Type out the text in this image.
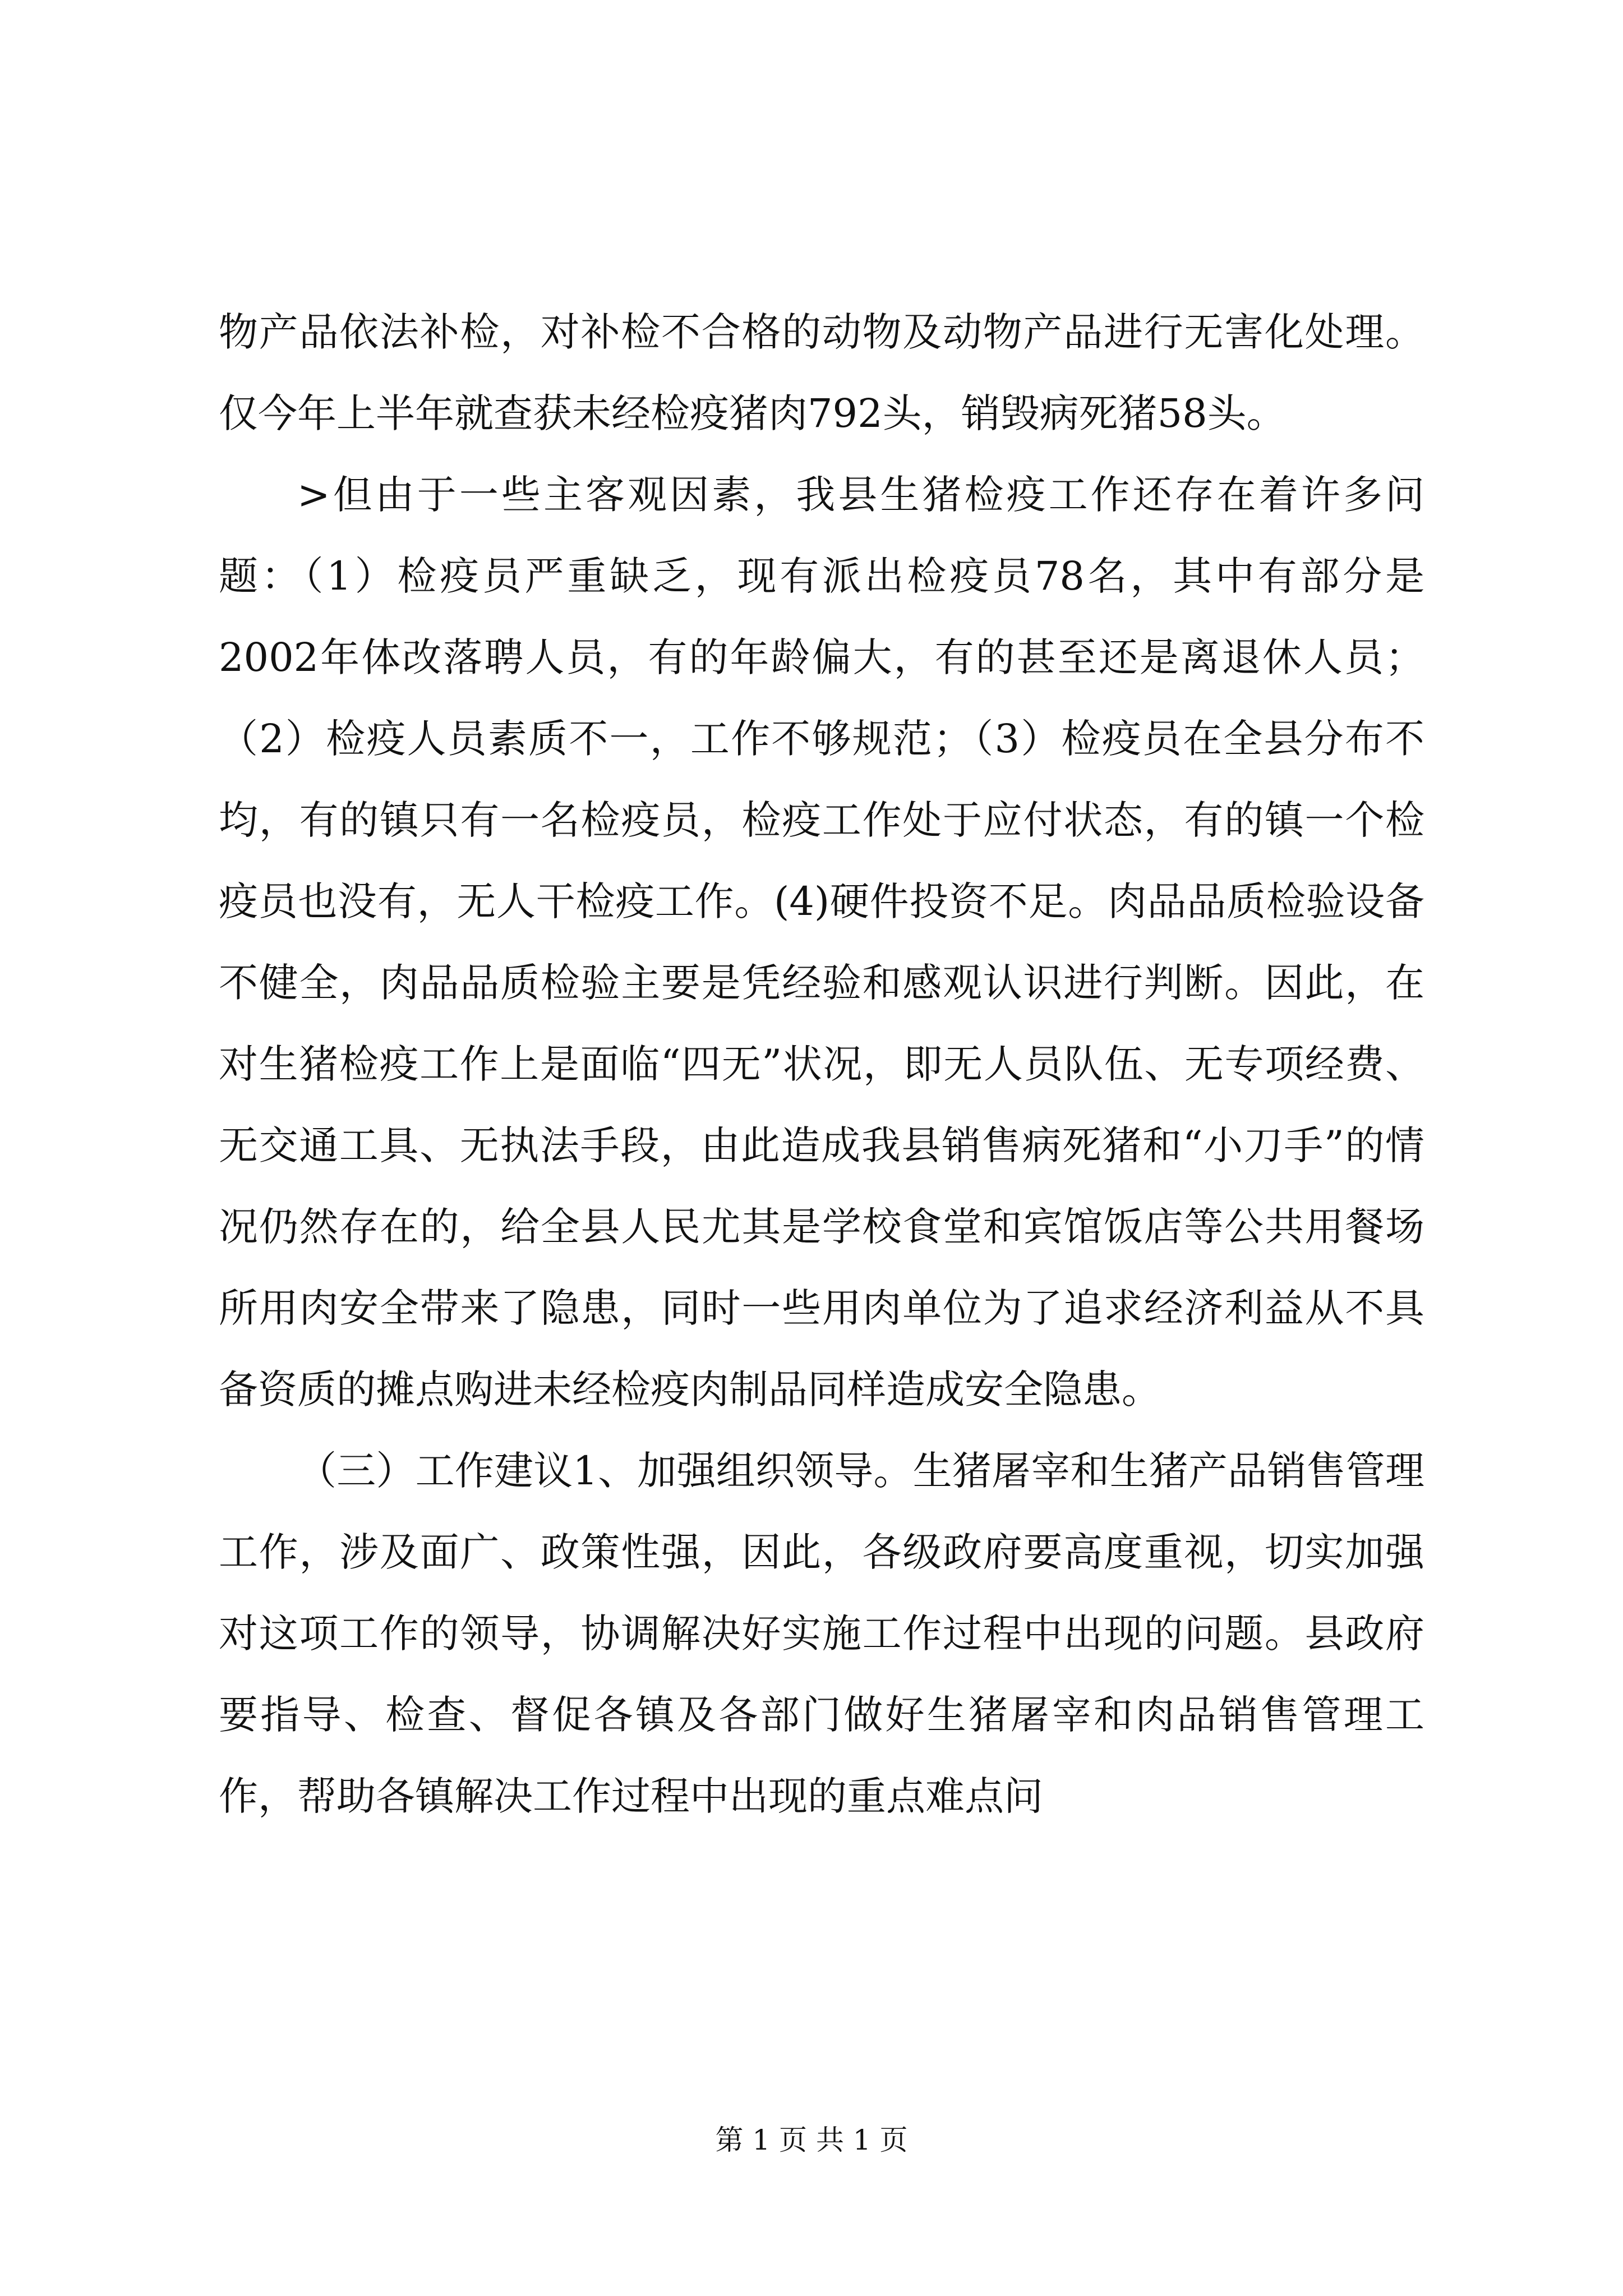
物产品依法补检，对补检不合格的动物及动物产品进行无害化处理。仅今年上半年就查获未经检疫猪肉792头，销毁病死猪58头。

>但由于一些主客观因素，我县生猪检疫工作还存在着许多问题：（1）检疫员严重缺乏，现有派出检疫员78名，其中有部分是2002年体改落聘人员，有的年龄偏大，有的甚至还是离退休人员；（2）检疫人员素质不一，工作不够规范；（3）检疫员在全县分布不均，有的镇只有一名检疫员，检疫工作处于应付状态，有的镇一个检疫员也没有，无人干检疫工作。(4)硬件投资不足。肉品品质检验设备不健全，肉品品质检验主要是凭经验和感观认识进行判断。因此，在对生猪检疫工作上是面临“四无”状况，即无人员队伍、无专项经费、无交通工具、无执法手段，由此造成我县销售病死猪和“小刀手”的情况仍然存在的，给全县人民尤其是学校食堂和宾馆饭店等公共用餐场所用肉安全带来了隐患，同时一些用肉单位为了追求经济利益从不具备资质的摊点购进未经检疫肉制品同样造成安全隐患。

（三）工作建议1、加强组织领导。生猪屠宰和生猪产品销售管理工作，涉及面广、政策性强，因此，各级政府要高度重视，切实加强对这项工作的领导，协调解决好实施工作过程中出现的问题。县政府要指导、检查、督促各镇及各部门做好生猪屠宰和肉品销售管理工作，帮助各镇解决工作过程中出现的重点难点问

第 1 页 共 1 页
